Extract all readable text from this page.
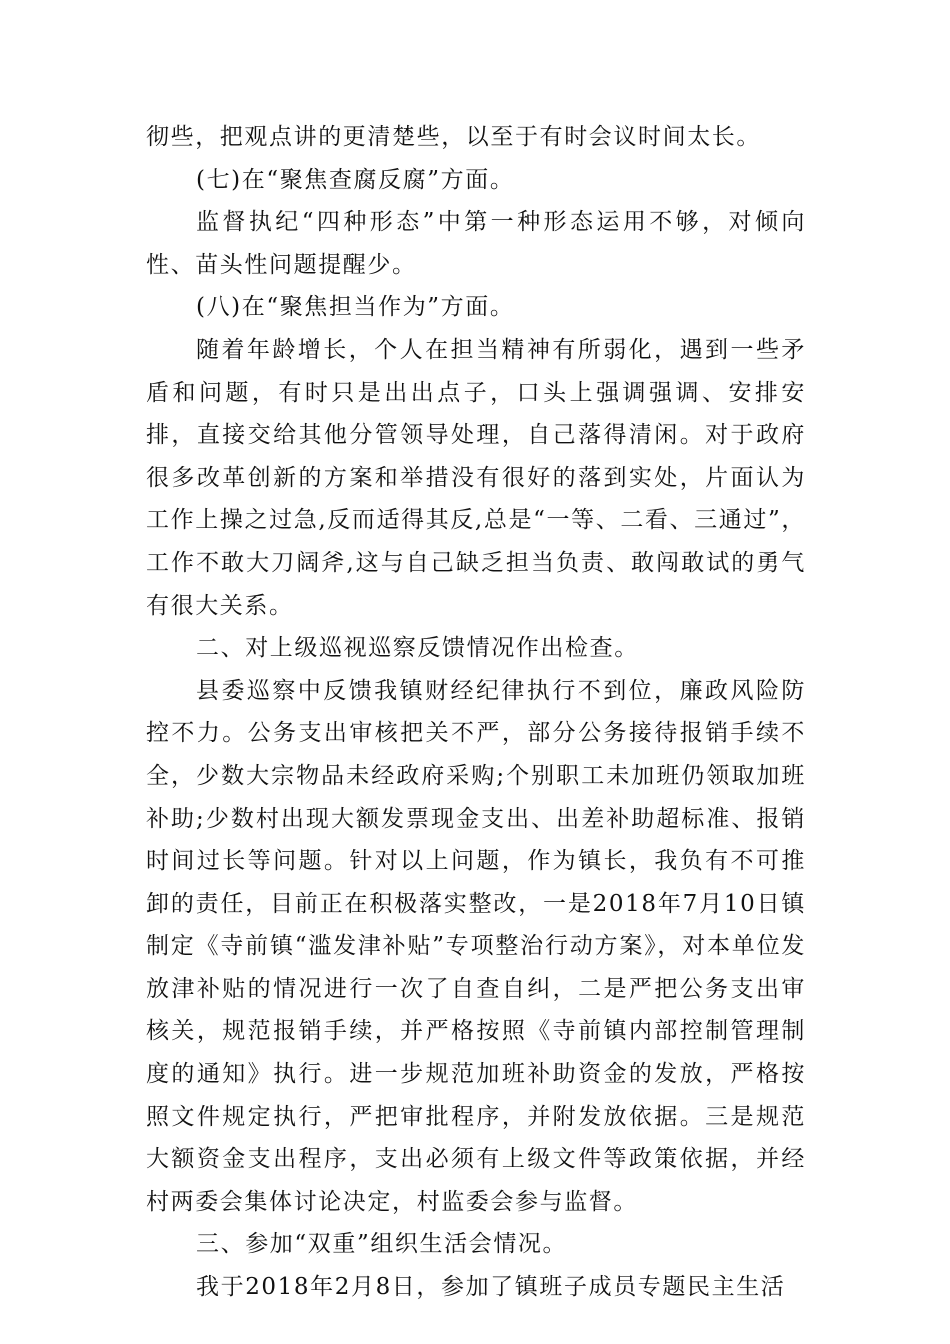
彻些，把观点讲的更清楚些，以至于有时会议时间太长。

(七)在“聚焦查腐反腐”方面。

监督执纪“四种形态”中第一种形态运用不够，对倾向性、苗头性问题提醒少。

(八)在“聚焦担当作为”方面。

随着年龄增长，个人在担当精神有所弱化，遇到一些矛盾和问题，有时只是出出点子，口头上强调强调、安排安排，直接交给其他分管领导处理，自己落得清闲。对于政府很多改革创新的方案和举措没有很好的落到实处，片面认为工作上操之过急,反而适得其反,总是“一等、二看、三通过”，工作不敢大刀阔斧,这与自己缺乏担当负责、敢闯敢试的勇气有很大关系。

二、对上级巡视巡察反馈情况作出检查。

县委巡察中反馈我镇财经纪律执行不到位，廉政风险防控不力。公务支出审核把关不严，部分公务接待报销手续不全，少数大宗物品未经政府采购;个别职工未加班仍领取加班补助;少数村出现大额发票现金支出、出差补助超标准、报销时间过长等问题。针对以上问题，作为镇长，我负有不可推卸的责任，目前正在积极落实整改，一是2018年7月10日镇制定《寺前镇“滥发津补贴”专项整治行动方案》，对本单位发放津补贴的情况进行一次了自查自纠，二是严把公务支出审核关，规范报销手续，并严格按照《寺前镇内部控制管理制度的通知》执行。进一步规范加班补助资金的发放，严格按照文件规定执行，严把审批程序，并附发放依据。三是规范大额资金支出程序，支出必须有上级文件等政策依据，并经村两委会集体讨论决定，村监委会参与监督。

三、参加“双重”组织生活会情况。

我于2018年2月8日，参加了镇班子成员专题民主生活
